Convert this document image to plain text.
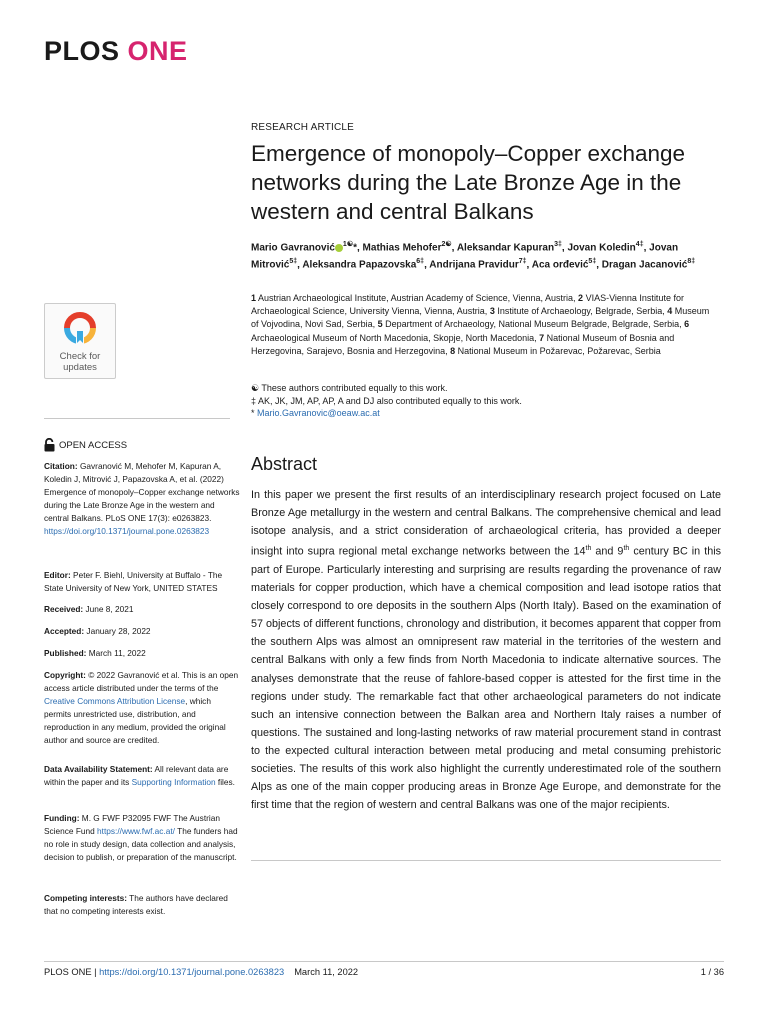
PLOS ONE
Check for
updates
OPEN ACCESS
Citation: Gavranović M, Mehofer M, Kapuran A, Koledin J, Mitrović J, Papazovska A, et al. (2022) Emergence of monopoly–Copper exchange networks during the Late Bronze Age in the western and central Balkans. PLoS ONE 17(3): e0263823. https://doi.org/10.1371/journal.pone.0263823
Editor: Peter F. Biehl, University at Buffalo - The State University of New York, UNITED STATES
Received: June 8, 2021
Accepted: January 28, 2022
Published: March 11, 2022
Copyright: © 2022 Gavranović et al. This is an open access article distributed under the terms of the Creative Commons Attribution License, which permits unrestricted use, distribution, and reproduction in any medium, provided the original author and source are credited.
Data Availability Statement: All relevant data are within the paper and its Supporting Information files.
Funding: M. G FWF P32095 FWF The Austrian Science Fund https://www.fwf.ac.at/ The funders had no role in study design, data collection and analysis, decision to publish, or preparation of the manuscript.
Competing interests: The authors have declared that no competing interests exist.
RESEARCH ARTICLE
Emergence of monopoly–Copper exchange networks during the Late Bronze Age in the western and central Balkans
Mario Gavranović $^{1☯}$*, Mathias Mehofer$^{2☯}$, Aleksandar Kapuran$^{3\ddagger}$, Jovan Koledin$^{4\ddagger}$, Jovan Mitrović$^{5\ddagger}$, Aleksandra Papazovska$^{6\ddagger}$, Andrijana Pravidur$^{7\ddagger}$, Aca orđević$^{5\ddagger}$, Dragan Jacanović$^{8\ddagger}$
1 Austrian Archaeological Institute, Austrian Academy of Science, Vienna, Austria, 2 VIAS-Vienna Institute for Archaeological Science, University Vienna, Vienna, Austria, 3 Institute of Archaeology, Belgrade, Serbia, 4 Museum of Vojvodina, Novi Sad, Serbia, 5 Department of Archaeology, National Museum Belgrade, Belgrade, Serbia, 6 Archaeological Museum of North Macedonia, Skopje, North Macedonia, 7 National Museum of Bosnia and Herzegovina, Sarajevo, Bosnia and Herzegovina, 8 National Museum in Požarevac, Požarevac, Serbia
☯ These authors contributed equally to this work.
‡ AK, JK, JM, AP, AP, A and DJ also contributed equally to this work.
* Mario.Gavranovic@oeaw.ac.at
Abstract
In this paper we present the first results of an interdisciplinary research project focused on Late Bronze Age metallurgy in the western and central Balkans. The comprehensive chemical and lead isotope analysis, and a strict consideration of archaeological criteria, has provided a deeper insight into supra regional metal exchange networks between the 14th and 9th century BC in this part of Europe. Particularly interesting and surprising are results regarding the provenance of raw materials for copper production, which have a chemical composition and lead isotope ratios that closely correspond to ore deposits in the southern Alps (North Italy). Based on the examination of 57 objects of different functions, chronology and distribution, it becomes apparent that copper from the southern Alps was almost an omnipresent raw material in the territories of the western and central Balkans with only a few finds from North Macedonia to indicate alternative sources. The analyses demonstrate that the reuse of fahlore-based copper is attested for the first time in the regions under study. The remarkable fact that other archaeological parameters do not indicate such an intensive connection between the Balkan area and Northern Italy raises a number of questions. The sustained and long-lasting networks of raw material procurement stand in contrast to the expected cultural interaction between metal producing and metal consuming prehistoric societies. The results of this work also highlight the currently underestimated role of the southern Alps as one of the main copper producing areas in Bronze Age Europe, and demonstrate for the first time that the region of western and central Balkans was one of the major recipients.
PLOS ONE | https://doi.org/10.1371/journal.pone.0263823 March 11, 2022	1 / 36
